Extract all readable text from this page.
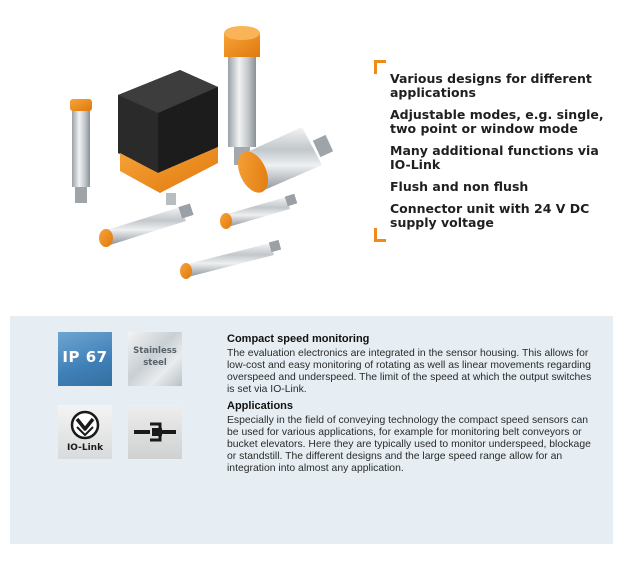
Various designs for different applications
Adjustable modes, e.g. single, two point or window mode
Many additional functions via IO-Link
Flush and non flush
Connector unit with 24 V DC supply voltage
IP 67	Stainless
steel
IO-Link
Compact speed monitoring

The evaluation electronics are integrated in the sensor housing. This allows for low-cost and easy monitoring of rotating as well as linear movements regarding overspeed and underspeed. The limit of the speed at which the output switches is set via IO-Link.

Applications

Especially in the field of conveying technology the compact speed sensors can be used for various applications, for example for monitoring belt conveyors or bucket elevators. Here they are typically used to monitor underspeed, blockage or standstill. The different designs and the large speed range allow for an integration into almost any application.
